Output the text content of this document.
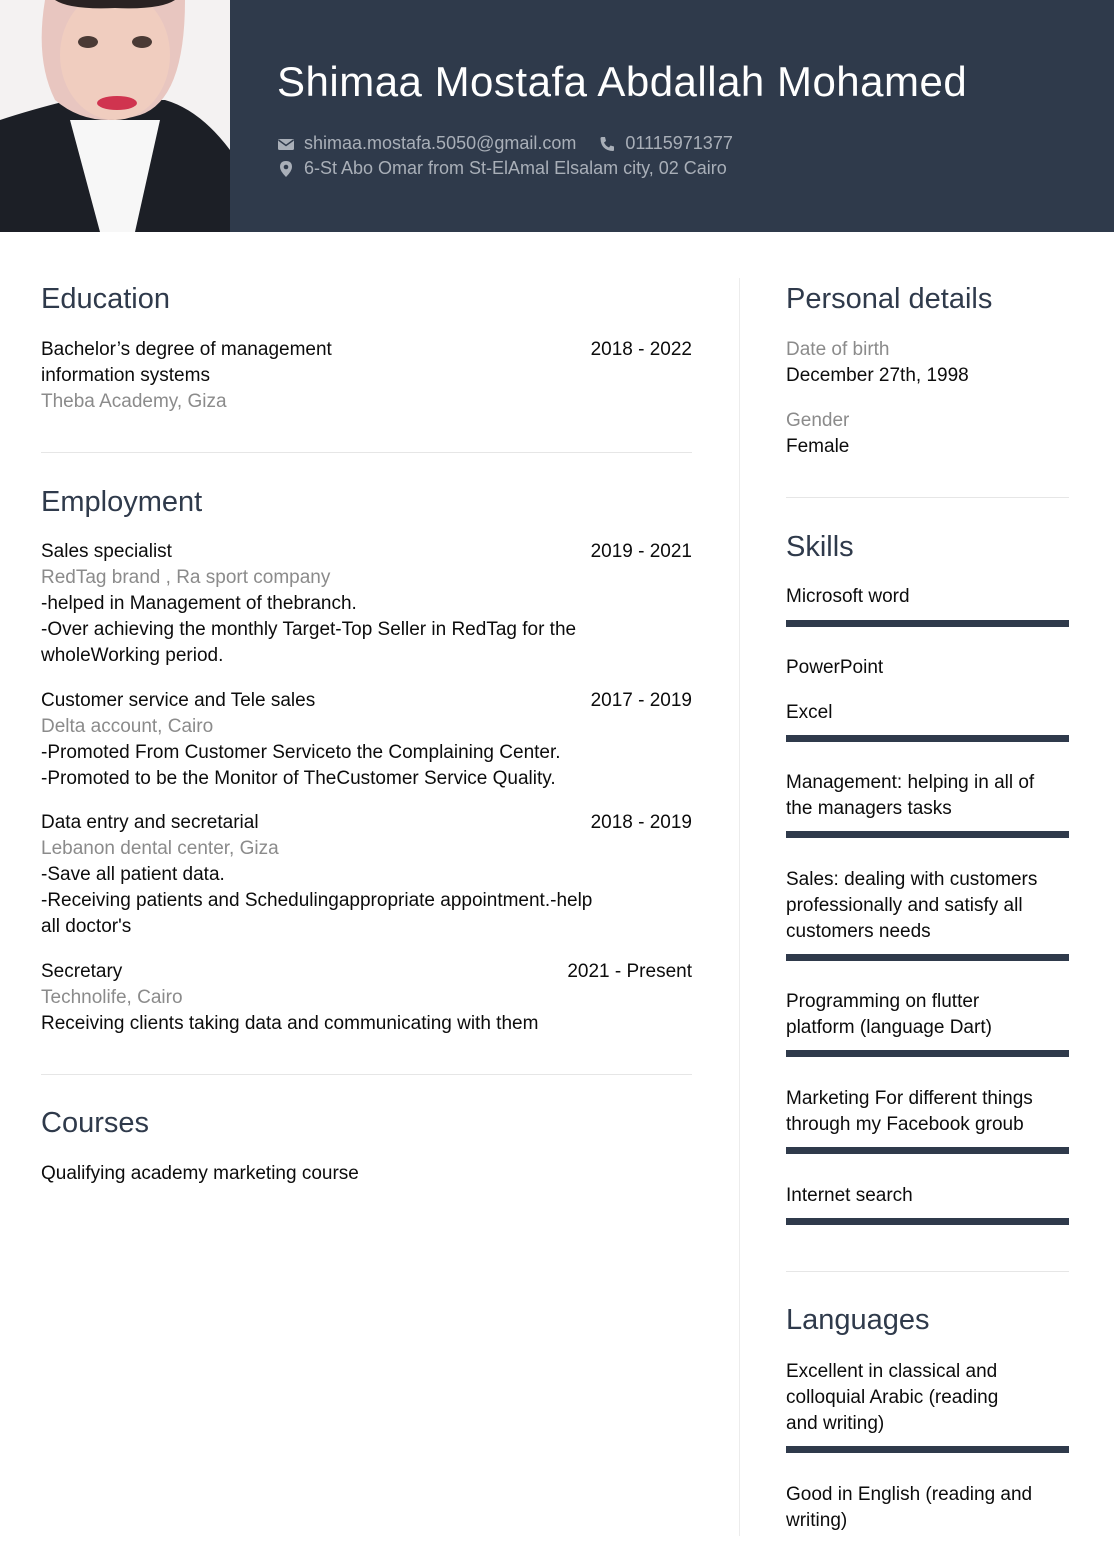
Shimaa Mostafa Abdallah Mohamed
shimaa.mostafa.5050@gmail.com	01115971377
6-St Abo Omar from St-ElAmal Elsalam city, 02 Cairo
Education
Bachelor’s degree of management
information systems
Theba Academy, Giza
2018 - 2022
Employment
Sales specialist
RedTag brand , Ra sport company
-helped in Management of thebranch.
-Over achieving the monthly Target-Top Seller in RedTag for the
wholeWorking period.
2019 - 2021
Customer service and Tele sales
Delta account, Cairo
-Promoted From Customer Serviceto the Complaining Center.
-Promoted to be the Monitor of TheCustomer Service Quality.
2017 - 2019
Data entry and secretarial
Lebanon dental center, Giza
-Save all patient data.
-Receiving patients and Schedulingappropriate appointment.-help
all doctor's
2018 - 2019
Secretary
Technolife, Cairo
Receiving clients taking data and communicating with them
2021 - Present
Courses
Qualifying academy marketing course
Personal details
Date of birth
December 27th, 1998
Gender
Female
Skills
Microsoft word
PowerPoint
Excel
Management: helping in all of
the managers tasks
Sales: dealing with customers
professionally and satisfy all
customers needs
Programming on flutter
platform (language Dart)
Marketing For different things
through my Facebook groub
Internet search
Languages
Excellent in classical and
colloquial Arabic (reading
and writing)
Good in English (reading and
writing)
